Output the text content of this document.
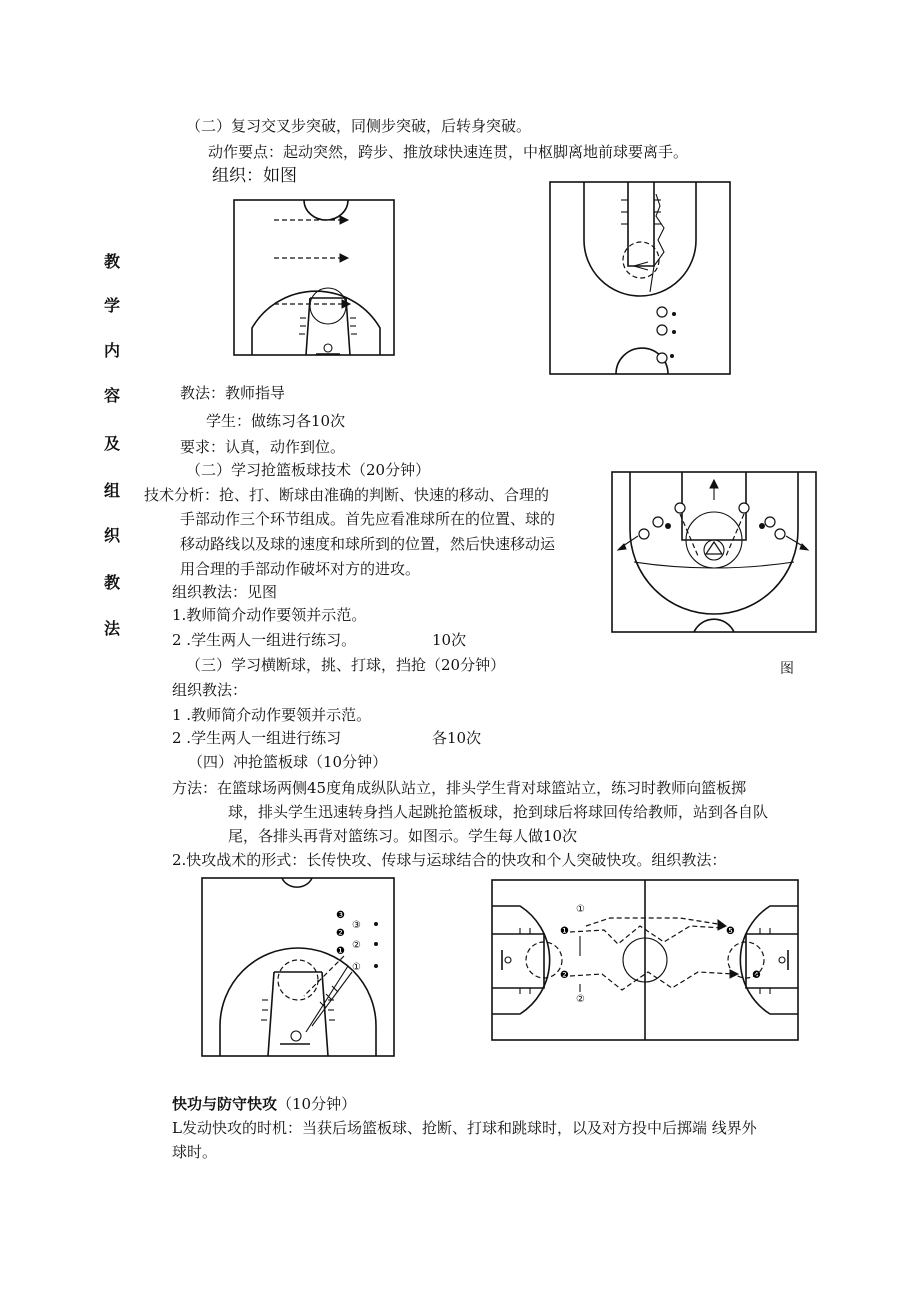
教
学
内
容
及
组
织
教
法
（二）复习交叉步突破，同侧步突破，后转身突破。
动作要点：起动突然，跨步、推放球快速连贯，中枢脚离地前球要离手。
组织：如图
教法：教师指导
学生：做练习各10次
要求：认真，动作到位。
（二）学习抢篮板球技术（20分钟）
技术分析：抢、打、断球由准确的判断、快速的移动、合理的
手部动作三个环节组成。首先应看准球所在的位置、球的
移动路线以及球的速度和球所到的位置，然后快速移动运
用合理的手部动作破坏对方的进攻。
组织教法：见图
1.教师简介动作要领并示范。
2 .学生两人一组进行练习。	10次
图
（三）学习横断球，挑、打球，挡抢（20分钟）
组织教法：
1 .教师简介动作要领并示范。
2 .学生两人一组进行练习	各10次
（四）冲抢篮板球（10分钟）
方法：在篮球场两侧45度角成纵队站立，排头学生背对球篮站立，练习时教师向篮板掷
球，排头学生迅速转身挡人起跳抢篮板球，抢到球后将球回传给教师，站到各自队
尾，各排头再背对篮练习。如图示。学生每人做10次
2.快攻战术的形式：长传快攻、传球与运球结合的快攻和个人突破快攻。组织教法：
快功与防守快攻（10分钟）
L发动快攻的时机：当获后场篮板球、抢断、打球和跳球时，以及对方投中后掷端 线界外
球时。
❸
❷
❶
③
②
①
❶
❷
❺
❹
①
②
